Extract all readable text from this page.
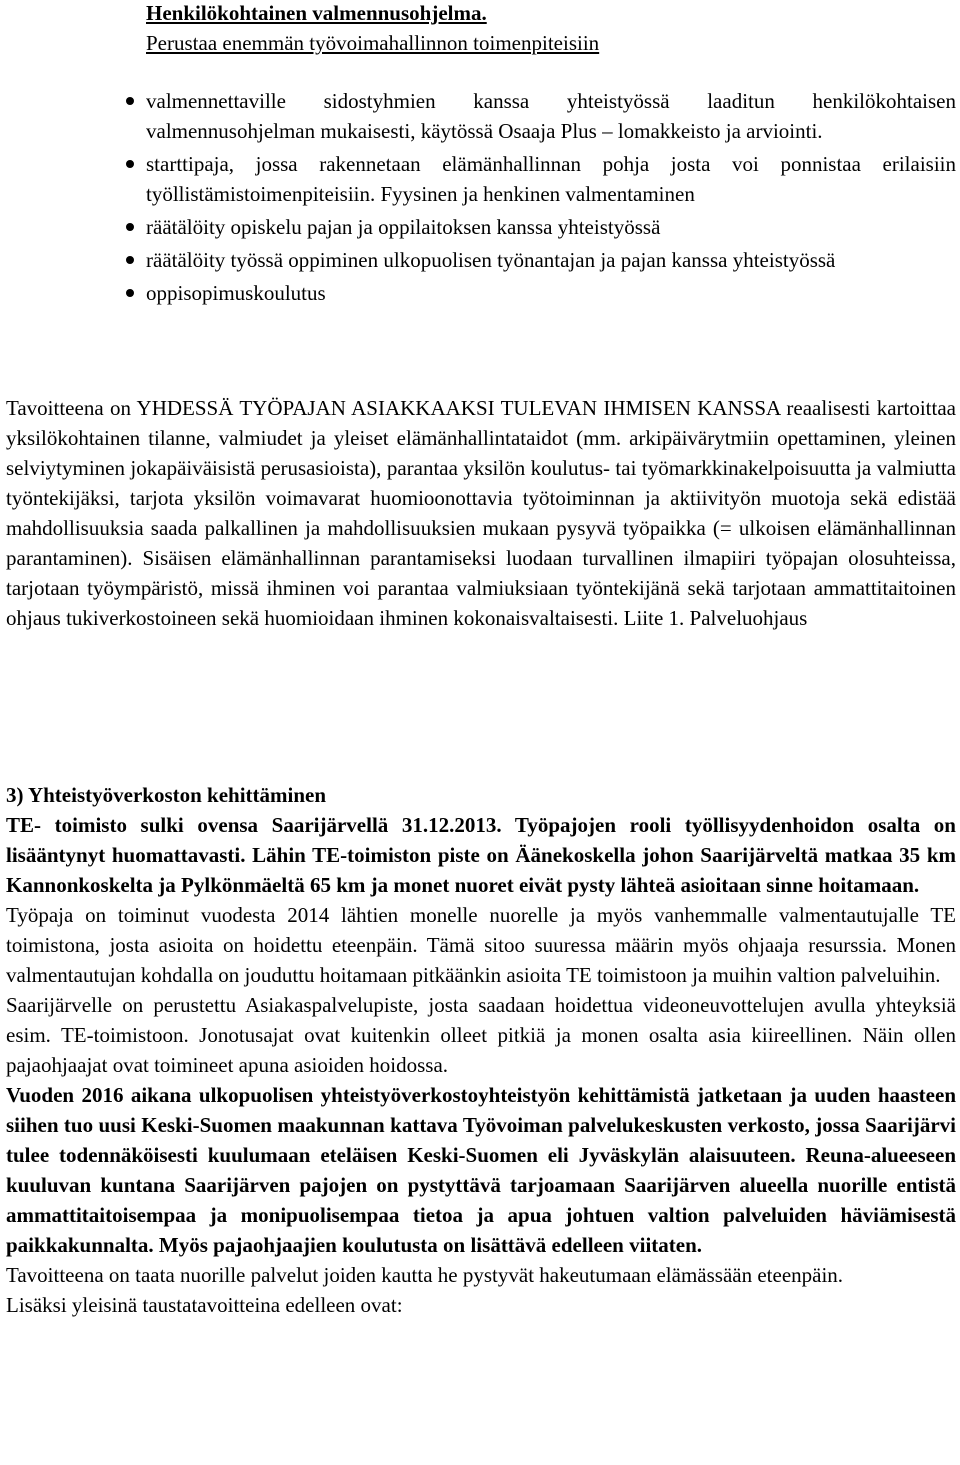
Henkilökohtainen valmennusohjelma.
Perustaa enemmän työvoimahallinnon toimenpiteisiin
valmennettaville sidostyhmien kanssa yhteistyössä laaditun henkilökohtaisen valmennusohjelman mukaisesti, käytössä Osaaja Plus – lomakkeisto ja arviointi.
starttipaja, jossa rakennetaan elämänhallinnan pohja josta voi ponnistaa erilaisiin työllistämistoimenpiteisiin. Fyysinen ja henkinen valmentaminen
räätälöity opiskelu pajan ja oppilaitoksen kanssa yhteistyössä
räätälöity työssä oppiminen ulkopuolisen työnantajan ja pajan kanssa yhteistyössä
oppisopimuskoulutus

Tavoitteena on YHDESSÄ TYÖPAJAN ASIAKKAAKSI TULEVAN IHMISEN KANSSA reaalisesti kartoittaa yksilökohtainen tilanne, valmiudet ja yleiset elämänhallintataidot (mm. arkipäivärytmiin opettaminen, yleinen selviytyminen jokapäiväisistä perusasioista), parantaa yksilön koulutus- tai työmarkkinakelpoisuutta ja valmiutta työntekijäksi, tarjota yksilön voimavarat huomioonottavia työtoiminnan ja aktiivityön muotoja sekä edistää mahdollisuuksia saada palkallinen ja mahdollisuuksien mukaan pysyvä työpaikka (= ulkoisen elämänhallinnan parantaminen). Sisäisen elämänhallinnan parantamiseksi luodaan turvallinen ilmapiiri työpajan olosuhteissa, tarjotaan työympäristö, missä ihminen voi parantaa valmiuksiaan työntekijänä sekä tarjotaan ammattitaitoinen ohjaus tukiverkostoineen sekä huomioidaan ihminen kokonaisvaltaisesti. Liite 1. Palveluohjaus

3) Yhteistyöverkoston kehittäminen

TE- toimisto sulki ovensa Saarijärvellä 31.12.2013. Työpajojen rooli työllisyydenhoidon osalta on lisääntynyt huomattavasti. Lähin TE-toimiston piste on Äänekoskella johon Saarijärveltä matkaa 35 km Kannonkoskelta ja Pylkönmäeltä 65 km ja monet nuoret eivät pysty lähteä asioitaan sinne hoitamaan.

Työpaja on toiminut vuodesta 2014 lähtien monelle nuorelle ja myös vanhemmalle valmentautujalle TE toimistona, josta asioita on hoidettu eteenpäin. Tämä sitoo suuressa määrin myös ohjaaja resurssia. Monen valmentautujan kohdalla on jouduttu hoitamaan pitkäänkin asioita TE toimistoon ja muihin valtion palveluihin.

Saarijärvelle on perustettu Asiakaspalvelupiste, josta saadaan hoidettua videoneuvottelujen avulla yhteyksiä esim. TE-toimistoon. Jonotusajat ovat kuitenkin olleet pitkiä ja monen osalta asia kiireellinen. Näin ollen pajaohjaajat ovat toimineet apuna asioiden hoidossa.

Vuoden 2016 aikana ulkopuolisen yhteistyöverkostoyhteistyön kehittämistä jatketaan ja uuden haasteen siihen tuo uusi Keski-Suomen maakunnan kattava Työvoiman palvelukeskusten verkosto, jossa Saarijärvi tulee todennäköisesti kuulumaan eteläisen Keski-Suomen eli Jyväskylän alaisuuteen. Reuna-alueeseen kuuluvan kuntana Saarijärven pajojen on pystyttävä tarjoamaan Saarijärven alueella nuorille entistä ammattitaitoisempaa ja monipuolisempaa tietoa ja apua johtuen valtion palveluiden häviämisestä paikkakunnalta. Myös pajaohjaajien koulutusta on lisättävä edelleen viitaten.

Tavoitteena on taata nuorille palvelut joiden kautta he pystyvät hakeutumaan elämässään eteenpäin.

Lisäksi yleisinä taustatavoitteina edelleen ovat:
